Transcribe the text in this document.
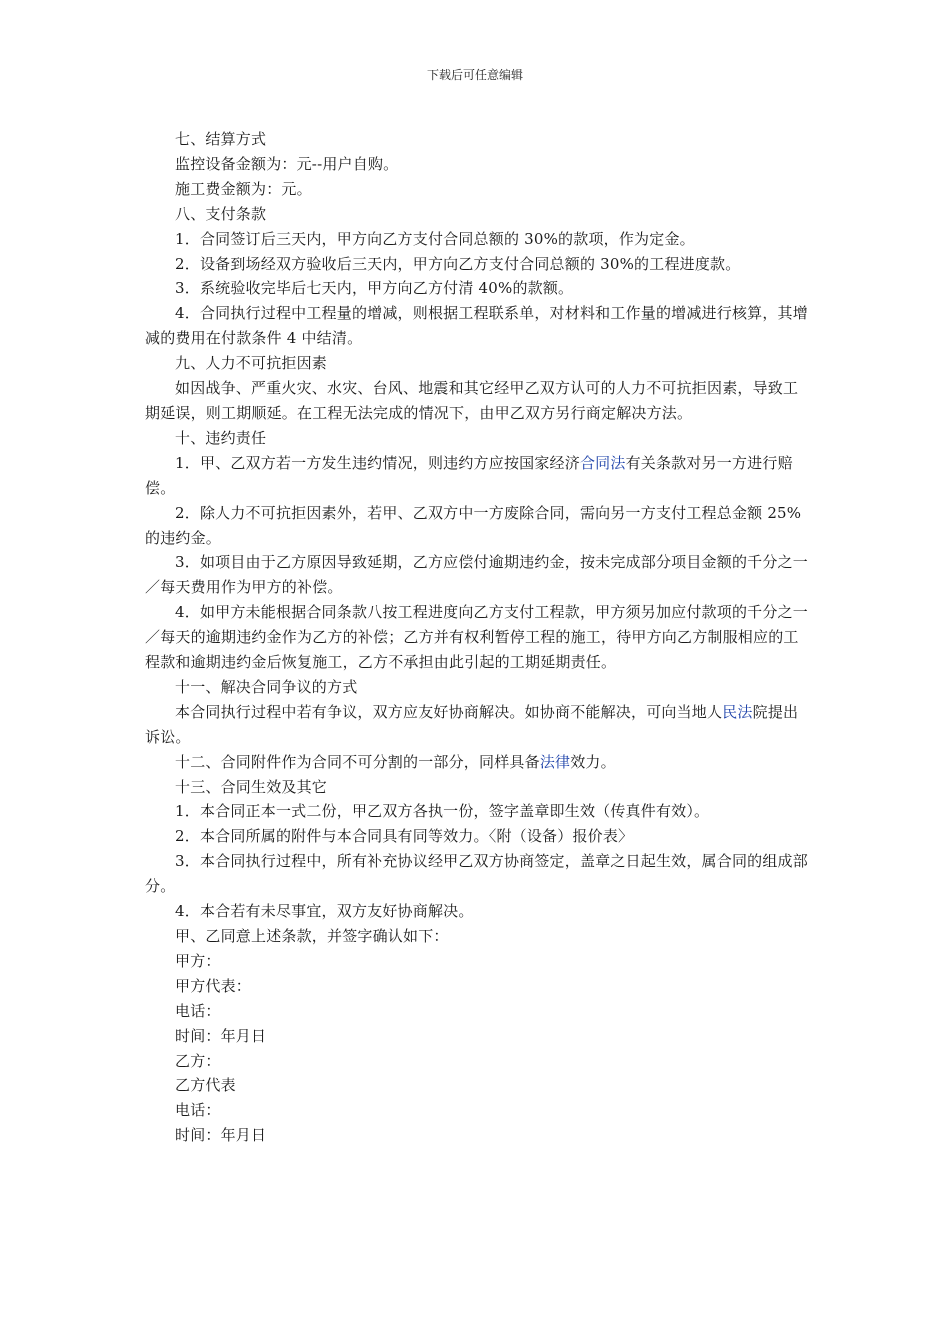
下载后可任意编辑

七、结算方式

监控设备金额为：元--用户自购。

施工费金额为：元。

八、支付条款

1．合同签订后三天内，甲方向乙方支付合同总额的 30%的款项，作为定金。

2．设备到场经双方验收后三天内，甲方向乙方支付合同总额的 30%的工程进度款。

3．系统验收完毕后七天内，甲方向乙方付清 40%的款额。

4．合同执行过程中工程量的增减，则根据工程联系单，对材料和工作量的增减进行核算，其增减的费用在付款条件 4 中结清。

九、人力不可抗拒因素

如因战争、严重火灾、水灾、台风、地震和其它经甲乙双方认可的人力不可抗拒因素，导致工期延误，则工期顺延。在工程无法完成的情况下，由甲乙双方另行商定解决方法。

十、违约责任

1．甲、乙双方若一方发生违约情况，则违约方应按国家经济合同法有关条款对另一方进行赔偿。

2．除人力不可抗拒因素外，若甲、乙双方中一方废除合同，需向另一方支付工程总金额 25%的违约金。

3．如项目由于乙方原因导致延期，乙方应偿付逾期违约金，按未完成部分项目金额的千分之一／每天费用作为甲方的补偿。

4．如甲方未能根据合同条款八按工程进度向乙方支付工程款，甲方须另加应付款项的千分之一／每天的逾期违约金作为乙方的补偿；乙方并有权利暂停工程的施工，待甲方向乙方制服相应的工程款和逾期违约金后恢复施工，乙方不承担由此引起的工期延期责任。

十一、解决合同争议的方式

本合同执行过程中若有争议，双方应友好协商解决。如协商不能解决，可向当地人民法院提出诉讼。

十二、合同附件作为合同不可分割的一部分，同样具备法律效力。

十三、合同生效及其它

1．本合同正本一式二份，甲乙双方各执一份，签字盖章即生效（传真件有效）。

2．本合同所属的附件与本合同具有同等效力。〈附（设备）报价表〉

3．本合同执行过程中，所有补充协议经甲乙双方协商签定，盖章之日起生效，属合同的组成部分。

4．本合若有未尽事宜，双方友好协商解决。

甲、乙同意上述条款，并签字确认如下：

甲方：

甲方代表：

电话：

时间：年月日

乙方：

乙方代表

电话：

时间：年月日
